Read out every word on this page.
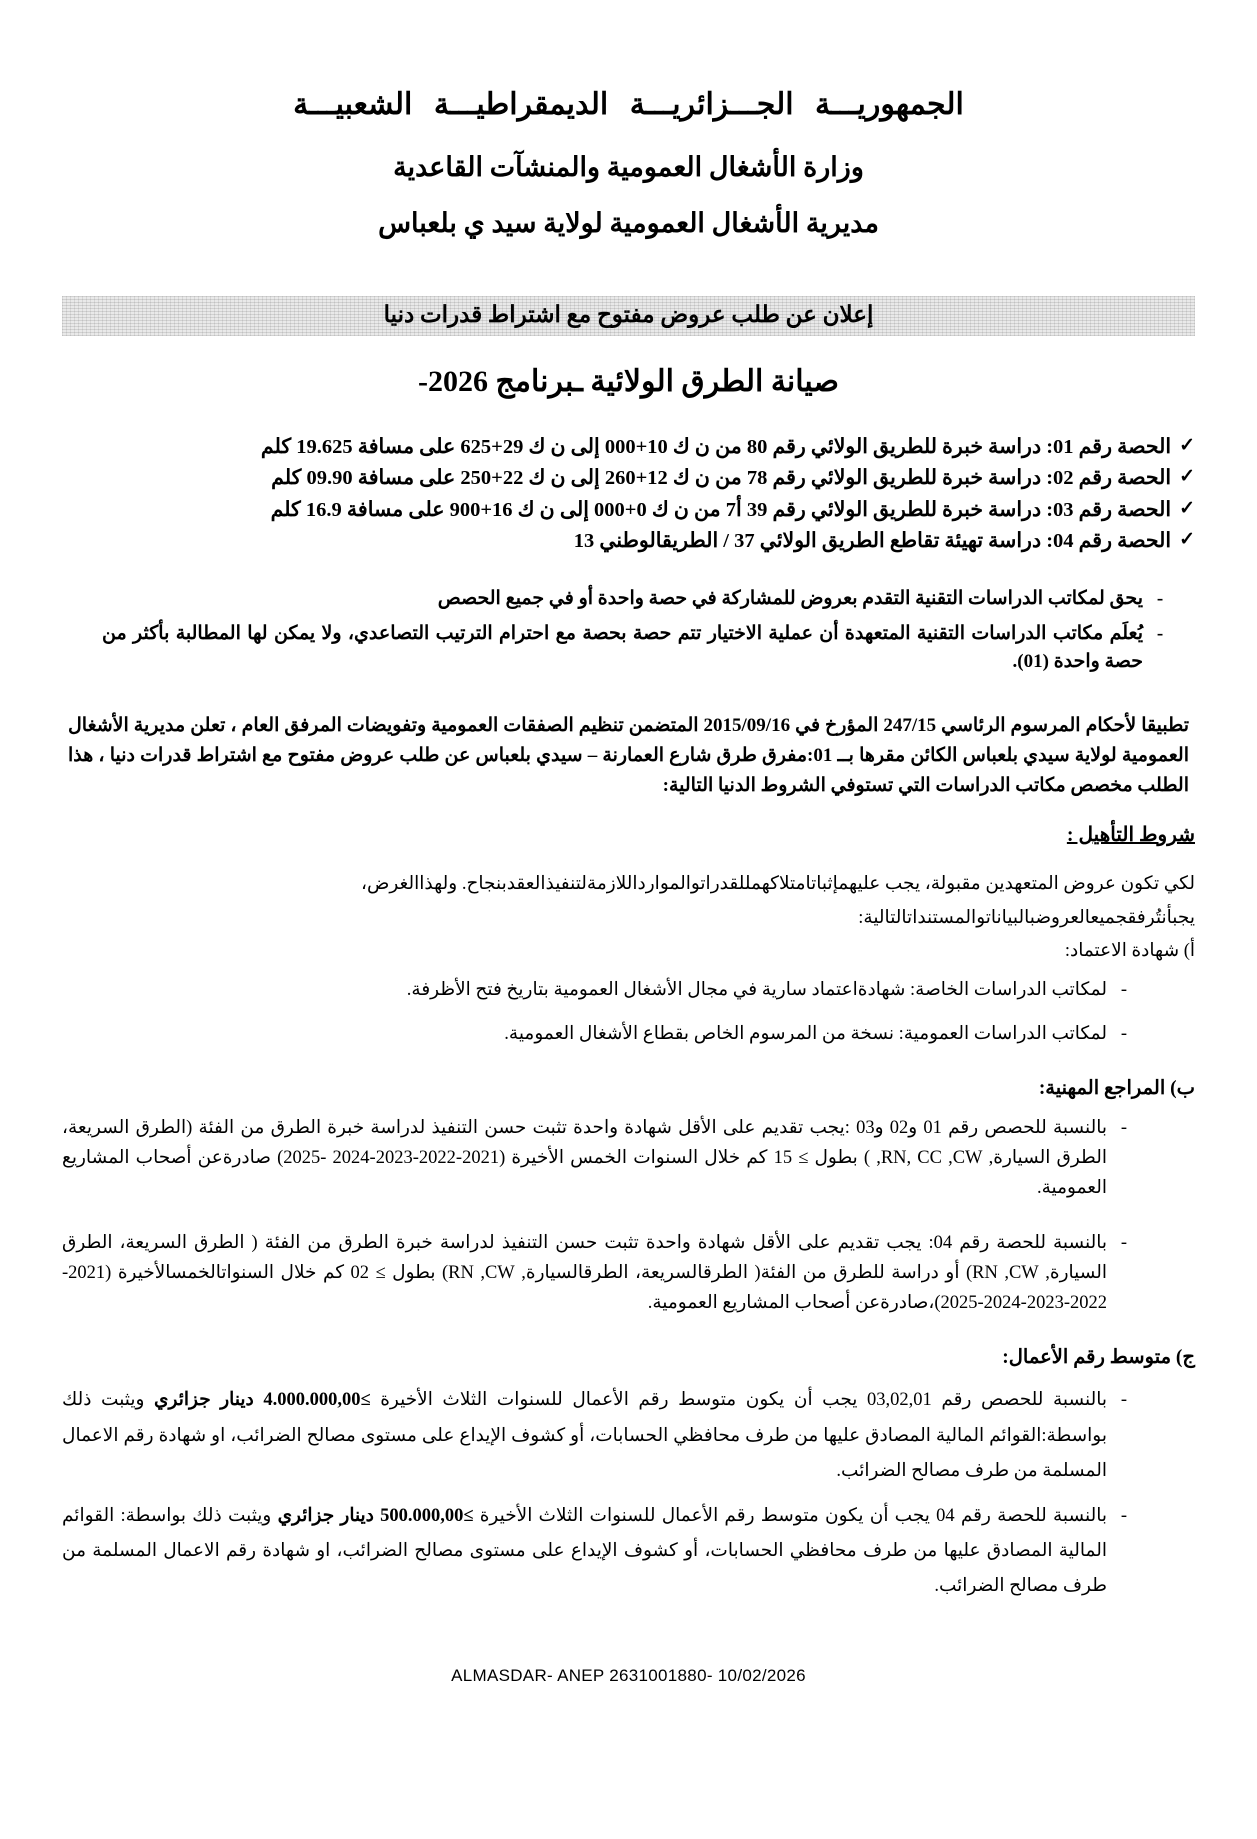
الجمهوريـــة الجـــزائريـــة الديمقراطيـــة الشعبيـــة
وزارة الأشغال العمومية والمنشآت القاعدية
مديرية الأشغال العمومية لولاية سيد ي بلعباس
إعلان عن طلب عروض مفتوح مع اشتراط قدرات دنيا
صيانة الطرق الولائية ـبرنامج 2026-
✓
الحصة رقم 01: دراسة خبرة للطريق الولائي رقم 80 من ن ك 10+000 إلى ن ك 29+625 على مسافة 19.625 كلم
✓
الحصة رقم 02: دراسة خبرة للطريق الولائي رقم 78 من ن ك 12+260 إلى ن ك 22+250 على مسافة 09.90 كلم
✓
الحصة رقم 03: دراسة خبرة للطريق الولائي رقم 39 أ7 من ن ك 0+000 إلى ن ك 16+900 على مسافة 16.9 كلم
✓
الحصة رقم 04: دراسة تهيئة تقاطع الطريق الولائي 37 / الطريقالوطني 13
-
يحق لمكاتب الدراسات التقنية التقدم بعروض للمشاركة في حصة واحدة أو في جميع الحصص
-
يُعلَم مكاتب الدراسات التقنية المتعهدة أن عملية الاختيار تتم حصة بحصة مع احترام الترتيب التصاعدي، ولا يمكن لها المطالبة بأكثر من حصة واحدة (01).

تطبيقا لأحكام المرسوم الرئاسي 247/15 المؤرخ في 2015/09/16 المتضمن تنظيم الصفقات العمومية وتفويضات المرفق العام ، تعلن مديرية الأشغال العمومية لولاية سيدي بلعباس الكائن مقرها بــ 01:مفرق طرق شارع العمارنة – سيدي بلعباس عن طلب عروض مفتوح مع اشتراط قدرات دنيا ، هذا الطلب مخصص مكاتب الدراسات التي تستوفي الشروط الدنيا التالية:

شروط التأهيل :

لكي تكون عروض المتعهدين مقبولة، يجب عليهمإثباتامتلاكهمللقدراتوالموارداللازمةلتنفيذالعقدبنجاح. ولهذاالغرض،

يجبأنتُرفقجميعالعروضبالبياناتوالمستنداتالتالية:

أ) شهادة الاعتماد:

-
لمكاتب الدراسات الخاصة: شهادةاعتماد سارية في مجال الأشغال العمومية بتاريخ فتح الأظرفة.
-
لمكاتب الدراسات العمومية: نسخة من المرسوم الخاص بقطاع الأشغال العمومية.
ب) المراجع المهنية:
-
بالنسبة للحصص رقم 01 و02 و03 :يجب تقديم على الأقل شهادة واحدة تثبت حسن التنفيذ لدراسة خبرة الطرق من الفئة (الطرق السريعة، الطرق السيارة, RN, CC ,CW, ) بطول ≥ 15 كم خلال السنوات الخمس الأخيرة (2021-2022-2023-2024 -2025) صادرةعن أصحاب المشاريع العمومية.
-
بالنسبة للحصة رقم 04: يجب تقديم على الأقل شهادة واحدة تثبت حسن التنفيذ لدراسة خبرة الطرق من الفئة ( الطرق السريعة، الطرق السيارة, RN ,CW) أو دراسة للطرق من الفئة( الطرقالسريعة، الطرقالسيارة, RN ,CW) بطول ≥ 02 كم خلال السنواتالخمسالأخيرة (2021-2022-2023-2024-2025)،صادرةعن أصحاب المشاريع العمومية.
ج) متوسط رقم الأعمال:
-
بالنسبة للحصص رقم 03,02,01 يجب أن يكون متوسط رقم الأعمال للسنوات الثلاث الأخيرة ≥4.000.000,00 دينار جزائري ويثبت ذلك بواسطة:القوائم المالية المصادق عليها من طرف محافظي الحسابات، أو كشوف الإيداع على مستوى مصالح الضرائب، او شهادة رقم الاعمال المسلمة من طرف مصالح الضرائب.
-
بالنسبة للحصة رقم 04 يجب أن يكون متوسط رقم الأعمال للسنوات الثلاث الأخيرة ≥500.000,00 دينار جزائري ويثبت ذلك بواسطة: القوائم المالية المصادق عليها من طرف محافظي الحسابات، أو كشوف الإيداع على مستوى مصالح الضرائب، او شهادة رقم الاعمال المسلمة من طرف مصالح الضرائب.
ALMASDAR- ANEP 2631001880- 10/02/2026
